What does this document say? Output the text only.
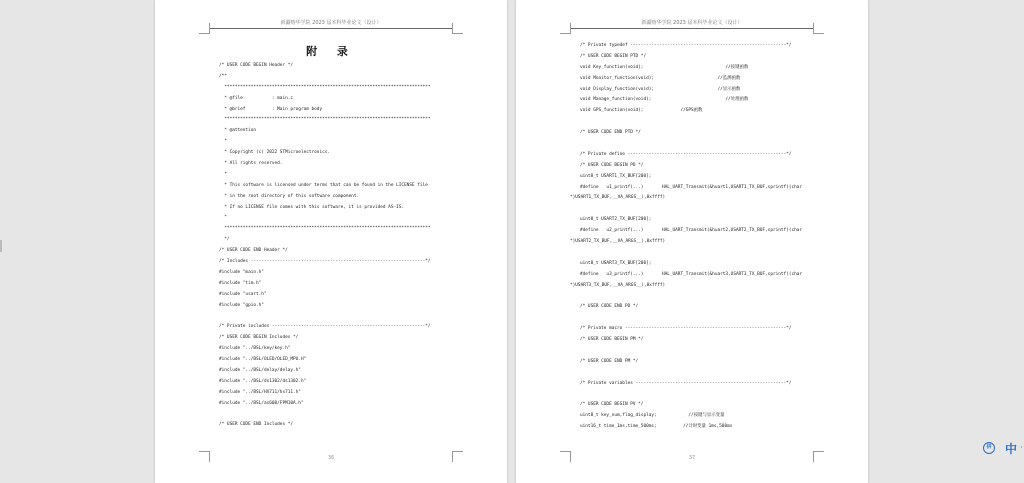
新疆喀华学院 2023 届本科毕业论文（设计）
附 录
/* USER CODE BEGIN Header */
/**
******************************************************************************
* @file           : main.c
* @brief          : Main program body
******************************************************************************
* @attention
*
* Copyright (c) 2022 STMicroelectronics.
* All rights reserved.
*
* This software is licensed under terms that can be found in the LICENSE file
* in the root directory of this software component.
* If no LICENSE file comes with this software, it is provided AS-IS.
*
******************************************************************************
*/
/* USER CODE END Header */
/* Includes ------------------------------------------------------------------*/
#include "main.h"
#include "tim.h"
#include "usart.h"
#include "gpio.h"
/* Private includes ----------------------------------------------------------*/
/* USER CODE BEGIN Includes */
#include "../BSL/key/key.h"
#include "../BSL/OLED/OLED_MPU.H"
#include "../BSL/delay/delay.h"
#include "../BSL/ds1302/ds1302.h"
#include "../BSL/HX711/hx711.h"
#include "../BSL/as608/FPM10A.h"
/* USER CODE END Includes */
36
新疆喀华学院 2023 届本科毕业论文（设计）
/* Private typedef -----------------------------------------------------------*/
/* USER CODE BEGIN PTD */
void Key_function(void);                               //按键函数
void Monitor_function(void);                        //监测函数
void Display_function(void);                        //显示函数
void Manage_function(void);                            //处理函数
void GPS_function(void);              //GPS函数
/* USER CODE END PTD */
/* Private define ------------------------------------------------------------*/
/* USER CODE BEGIN PD */
uint8_t USART1_TX_BUF[200];
#define   u1_printf(...)       HAL_UART_Transmit(&huart1,USART1_TX_BUF,sprintf((char
*)USART1_TX_BUF,__VA_ARGS__),0xffff)
uint8_t USART2_TX_BUF[200];
#define   u2_printf(...)       HAL_UART_Transmit(&huart2,USART2_TX_BUF,sprintf((char
*)USART2_TX_BUF,__VA_ARGS__),0xffff)
uint8_t USART3_TX_BUF[200];
#define   u3_printf(...)       HAL_UART_Transmit(&huart3,USART3_TX_BUF,sprintf((char
*)USART3_TX_BUF,__VA_ARGS__),0xffff)
/* USER CODE END PD */
/* Private macro -------------------------------------------------------------*/
/* USER CODE BEGIN PM */
/* USER CODE END PM */
/* Private variables ---------------------------------------------------------*/
/* USER CODE BEGIN PV */
uint8_t key_num,flag_display;            //按键与显示变量
uint16_t time_1ms,time_500ms;          //计时变量 1ms,500ms
37
拼 中 ·
